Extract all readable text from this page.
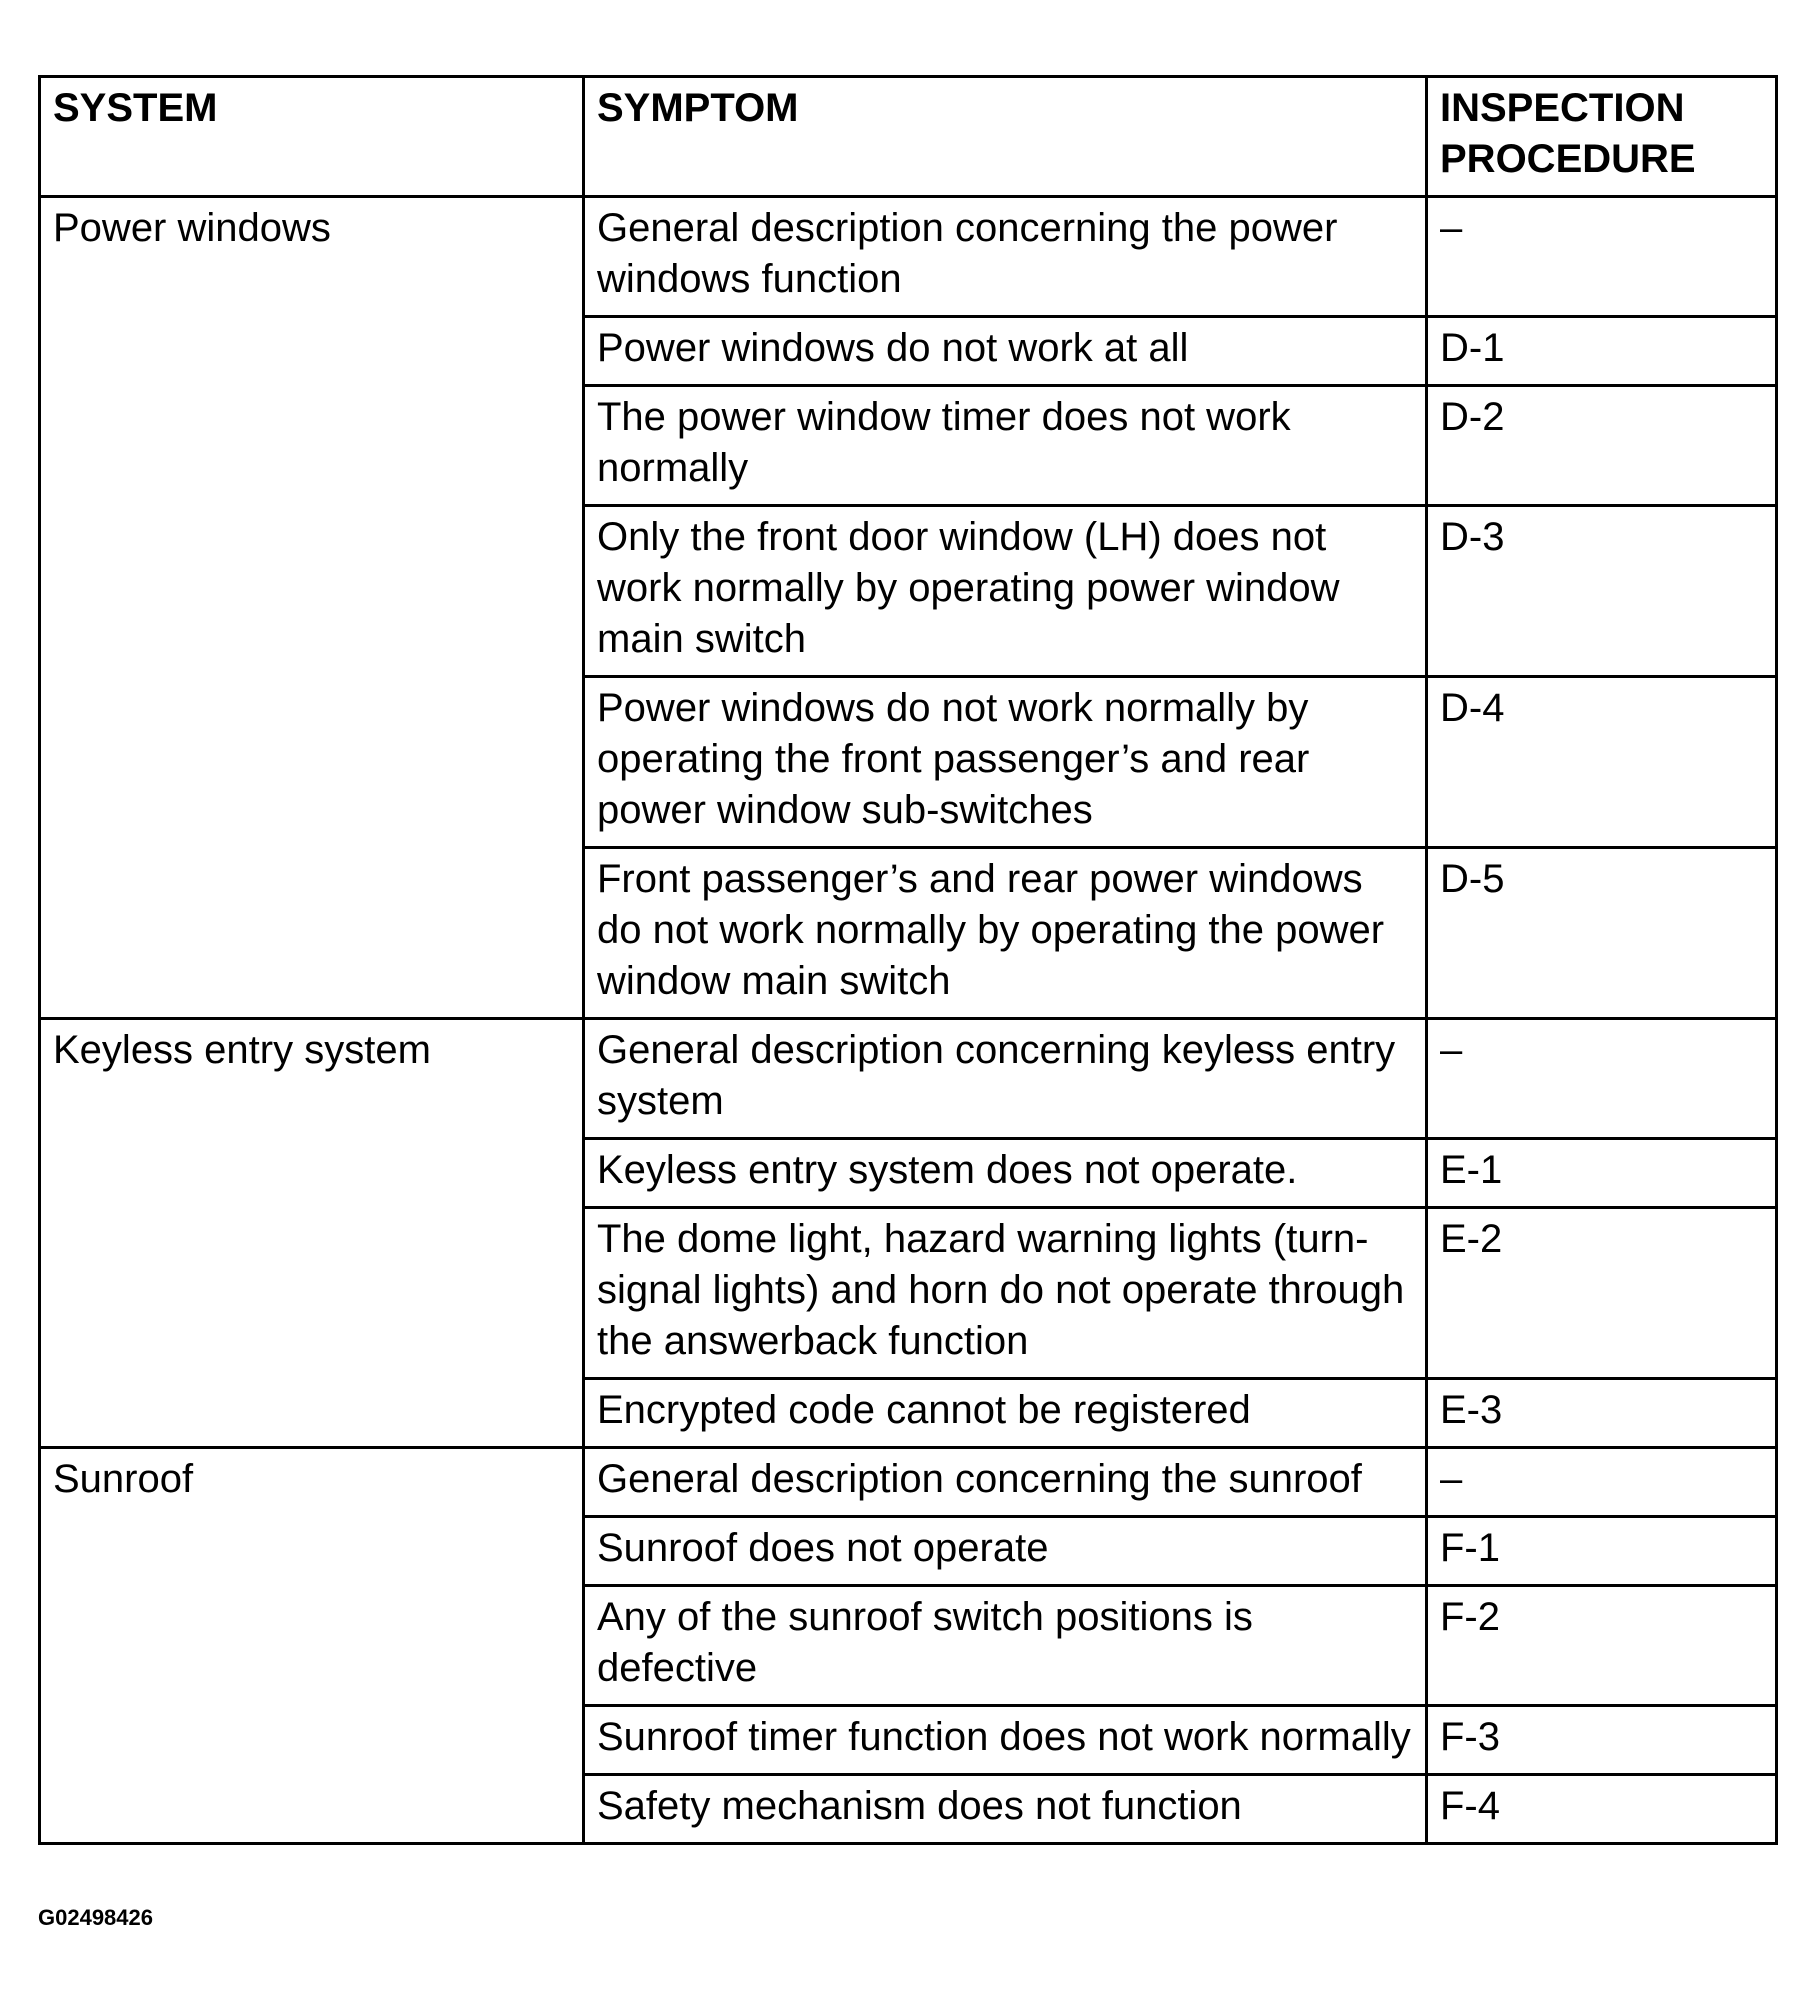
SYSTEM	SYMPTOM	INSPECTION PROCEDURE
Power windows	General description concerning the power windows function	–
	Power windows do not work at all	D-1
	The power window timer does not work normally	D-2
	Only the front door window (LH) does not work normally by operating power window main switch	D-3
	Power windows do not work normally by operating the front passenger’s and rear power window sub-switches	D-4
	Front passenger’s and rear power windows do not work normally by operating the power window main switch	D-5
Keyless entry system	General description concerning keyless entry system	–
	Keyless entry system does not operate.	E-1
	The dome light, hazard warning lights (turn-signal lights) and horn do not operate through the answerback function	E-2
	Encrypted code cannot be registered	E-3
Sunroof	General description concerning the sunroof	–
	Sunroof does not operate	F-1
	Any of the sunroof switch positions is defective	F-2
	Sunroof timer function does not work normally	F-3
	Safety mechanism does not function	F-4
G02498426
